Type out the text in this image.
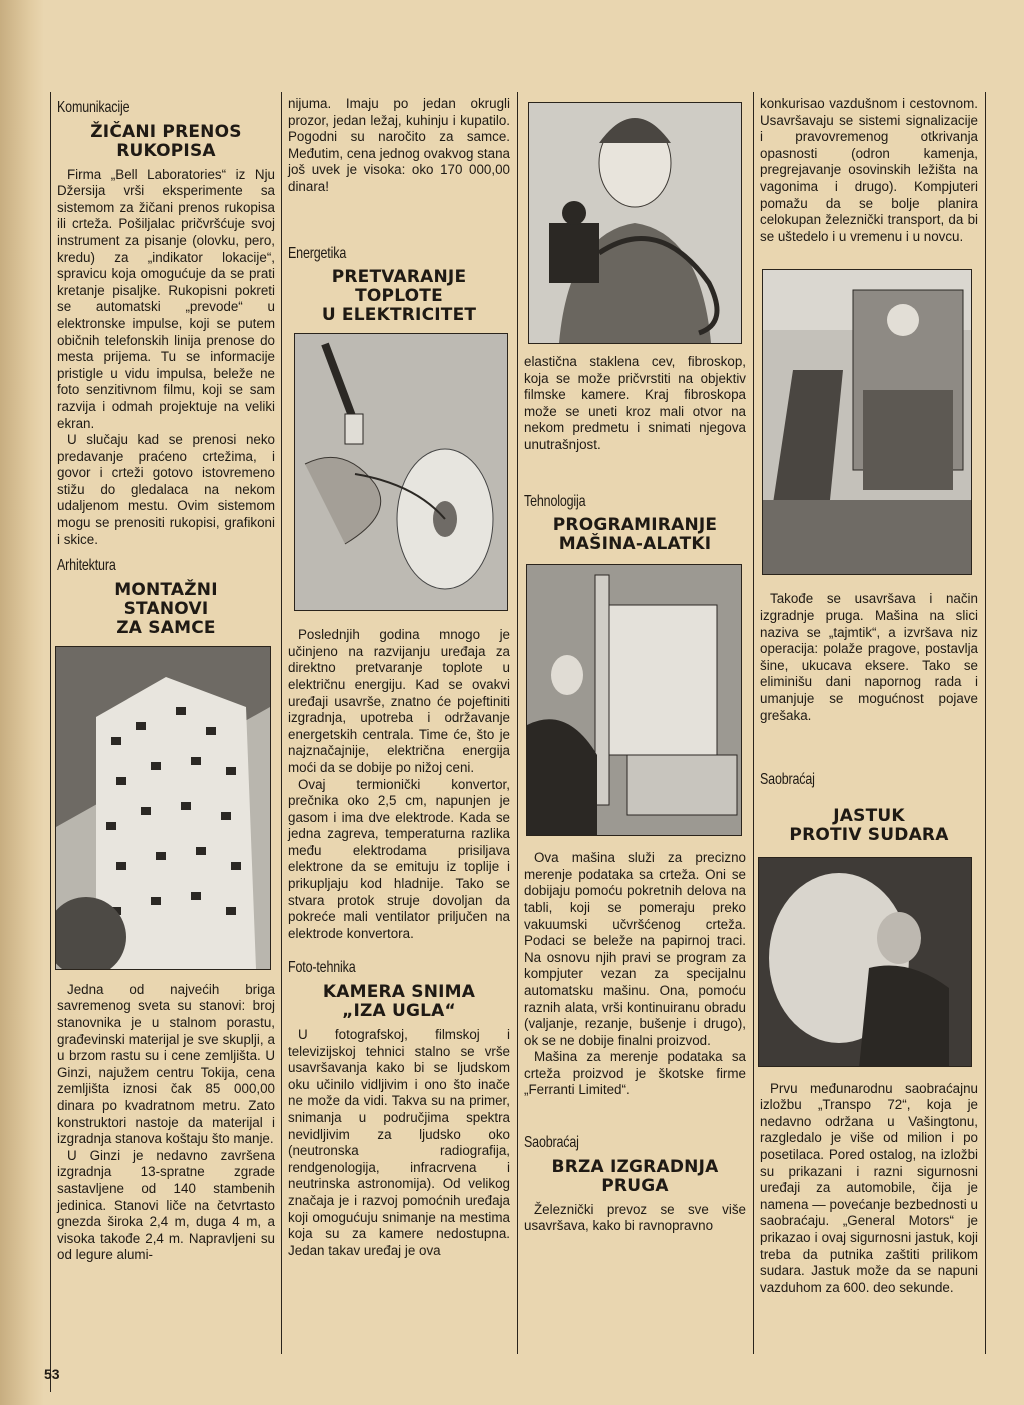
Komunikacije
ŽIČANI PRENOS
RUKOPISA

Firma „Bell Laboratories“ iz Nju Džersija vrši eksperimente sa sistemom za žičani prenos rukopisa ili crteža. Pošiljalac pričvršćuje svoj instrument za pisanje (olovku, pero, kredu) za „indikator lokacije“, spravicu koja omogućuje da se prati kretanje pisaljke. Rukopisni pokreti se automatski „prevode“ u elektronske impulse, koji se putem običnih telefonskih linija prenose do mesta prijema. Tu se informacije pristigle u vidu impulsa, beleže ne foto senzitivnom filmu, koji se sam razvija i odmah projektuje na veliki ekran.

U slučaju kad se prenosi neko predavanje praćeno crtežima, i govor i crteži gotovo istovremeno stižu do gledalaca na nekom udaljenom mestu. Ovim sistemom mogu se prenositi rukopisi, grafikoni i skice.

Arhitektura
MONTAŽNI
STANOVI
ZA SAMCE

Jedna od najvećih briga savremenog sveta su stanovi: broj stanovnika je u stalnom porastu, građevinski materijal je sve skuplji, a u brzom rastu su i cene zemljišta. U Ginzi, najužem centru Tokija, cena zemljišta iznosi čak 85 000,00 dinara po kvadratnom metru. Zato konstruktori nastoje da materijal i izgradnja stanova koštaju što manje.

U Ginzi je nedavno završena izgradnja 13-spratne zgrade sastavljene od 140 stambenih jedinica. Stanovi liče na četvrtasto gnezda široka 2,4 m, duga 4 m, a visoka takođe 2,4 m. Napravljeni su od legure alumi-

nijuma. Imaju po jedan okrugli prozor, jedan ležaj, kuhinju i kupatilo. Pogodni su naročito za samce. Međutim, cena jednog ovakvog stana još uvek je visoka: oko 170 000,00 dinara!

Energetika
PRETVARANJE
TOPLOTE
U ELEKTRICITET

Poslednjih godina mnogo je učinjeno na razvijanju uređaja za direktno pretvaranje toplote u električnu energiju. Kad se ovakvi uređaji usavrše, znatno će pojeftiniti izgradnja, upotreba i održavanje energetskih centrala. Time će, što je najznačajnije, električna energija moći da se dobije po nižoj ceni.

Ovaj termionički konvertor, prečnika oko 2,5 cm, napunjen je gasom i ima dve elektrode. Kada se jedna zagreva, temperaturna razlika među elektrodama prisiljava elektrone da se emituju iz toplije i prikupljaju kod hladnije. Tako se stvara protok struje dovoljan da pokreće mali ventilator priljučen na elektrode konvertora.

Foto-tehnika
KAMERA SNIMA
„IZA UGLA“

U fotografskoj, filmskoj i televizijskoj tehnici stalno se vrše usavršavanja kako bi se ljudskom oku učinilo vidljivim i ono što inače ne može da vidi. Takva su na primer, snimanja u područjima spektra nevidljivim za ljudsko oko (neutronska radiografija, rendgenologija, infracrvena i neutrinska astronomija). Od velikog značaja je i razvoj pomoćnih uređaja koji omogućuju snimanje na mestima koja su za kamere nedostupna. Jedan takav uređaj je ova

elastična staklena cev, fibroskop, koja se može pričvrstiti na objektiv filmske kamere. Kraj fibroskopa može se uneti kroz mali otvor na nekom predmetu i snimati njegova unutrašnjost.

Tehnologija
PROGRAMIRANJE
MAŠINA-ALATKI

Ova mašina služi za precizno merenje podataka sa crteža. Oni se dobijaju pomoću pokretnih delova na tabli, koji se pomeraju preko vakuumski učvršćenog crteža. Podaci se beleže na papirnoj traci. Na osnovu njih pravi se program za kompjuter vezan za specijalnu automatsku mašinu. Ona, pomoću raznih alata, vrši kontinuiranu obradu (valjanje, rezanje, bušenje i drugo), ok se ne dobije finalni proizvod.

Mašina za merenje podataka sa crteža proizvod je škotske firme „Ferranti Limited“.

Saobraćaj
BRZA IZGRADNJA
PRUGA

Železnički prevoz se sve više usavršava, kako bi ravnopravno

konkurisao vazdušnom i cestovnom. Usavršavaju se sistemi signalizacije i pravovremenog otkrivanja opasnosti (odron kamenja, pregrejavanje osovinskih ležišta na vagonima i drugo). Kompjuteri pomažu da se bolje planira celokupan železnički transport, da bi se uštedelo i u vremenu i u novcu.

Takođe se usavršava i način izgradnje pruga. Mašina na slici naziva se „tajmtik“, a izvršava niz operacija: polaže pragove, postavlja šine, ukucava eksere. Tako se eliminišu dani napornog rada i umanjuje se mogućnost pojave grešaka.

Saobraćaj
JASTUK
PROTIV SUDARA

Prvu međunarodnu saobraćajnu izložbu „Transpo 72“, koja je nedavno održana u Vašingtonu, razgledalo je više od milion i po posetilaca. Pored ostalog, na izložbi su prikazani i razni sigurnosni uređaji za automobile, čija je namena — povećanje bezbednosti u saobraćaju. „General Motors“ je prikazao i ovaj sigurnosni jastuk, koji treba da putnika zaštiti prilikom sudara. Jastuk može da se napuni vazduhom za 600. deo sekunde.

53
